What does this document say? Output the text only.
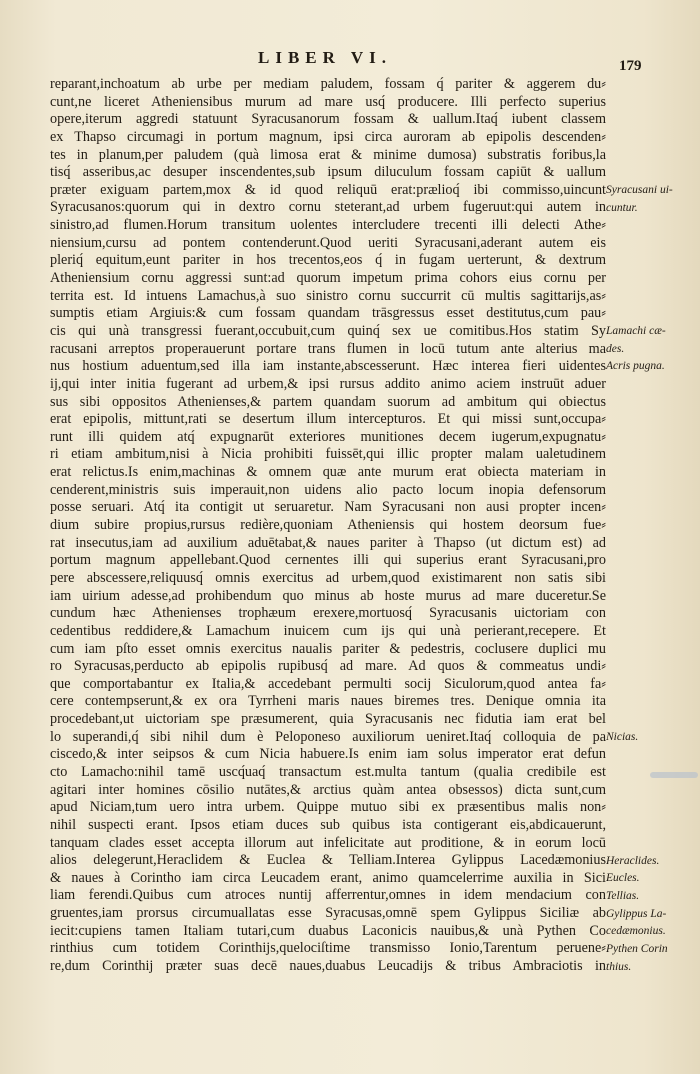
LIBER VI.	179
reparant,inchoatum ab urbe per mediam paludem, fossam q́ pariter & aggerem du⸗
cunt,ne liceret Atheniensibus murum ad mare usq́ producere. Illi perfecto superius
opere,iterum aggredi statuunt Syracusanorum fossam & uallum.Itaq́ iubent classem
ex Thapso circumagi in portum magnum, ipsi circa auroram ab epipolis descenden⸗
tes in planum,per paludem (quà limosa erat & minime dumosa) substratis foribus,la
tisq́ asseribus,ac desuper inscendentes,sub ipsum diluculum fossam capiūt & uallum
præter exiguam partem,mox & id quod reliquū erat:prælioq́ ibi commisso,uincunt
Syracusanos:quorum qui in dextro cornu steterant,ad urbem fugeruut:qui autem in
sinistro,ad flumen.Horum transitum uolentes intercludere trecenti illi delecti Athe⸗
niensium,cursu ad pontem contenderunt.Quod ueriti Syracusani,aderant autem eis
pleriq́ equitum,eunt pariter in hos trecentos,eos q́ in fugam uerterunt, & dextrum
Atheniensium cornu aggressi sunt:ad quorum impetum prima cohors eius cornu per
territa est. Id intuens Lamachus,à suo sinistro cornu succurrit cū multis sagittarijs,as⸗
sumptis etiam Argiuis:& cum fossam quandam trāsgressus esset destitutus,cum pau⸗
cis qui unà transgressi fuerant,occubuit,cum quinq́ sex ue comitibus.Hos statim Sy
racusani arreptos properauerunt portare trans flumen in locū tutum ante alterius ma
nus hostium aduentum,sed illa iam instante,abscesserunt. Hæc interea fieri uidentes
ij,qui inter initia fugerant ad urbem,& ipsi rursus addito animo aciem instruūt aduer
sus sibi oppositos Athenienses,& partem quandam suorum ad ambitum qui obiectus
erat epipolis, mittunt,rati se desertum illum intercepturos. Et qui missi sunt,occupa⸗
runt illi quidem atq́ expugnarūt exteriores munitiones decem iugerum,expugnatu⸗
ri etiam ambitum,nisi à Nicia prohibiti fuissēt,qui illic propter malam ualetudinem
erat relictus.Is enim,machinas & omnem quæ ante murum erat obiecta materiam in
cenderent,ministris suis imperauit,non uidens alio pacto locum inopia defensorum
posse seruari. Atq́ ita contigit ut seruaretur. Nam Syracusani non ausi propter incen⸗
dium subire propius,rursus redière,quoniam Atheniensis qui hostem deorsum fue⸗
rat insecutus,iam ad auxilium aduētabat,& naues pariter à Thapso (ut dictum est) ad
portum magnum appellebant.Quod cernentes illi qui superius erant Syracusani,pro
pere abscessere,reliquusq́ omnis exercitus ad urbem,quod existimarent non satis sibi
iam uirium adesse,ad prohibendum quo minus ab hoste murus ad mare duceretur.Se
cundum hæc Athenienses trophæum erexere,mortuosq́ Syracusanis uictoriam con
cedentibus reddidere,& Lamachum inuicem cum ijs qui unà perierant,recepere. Et
cum iam pſto esset omnis exercitus naualis pariter & pedestris, coclusere duplici mu
ro Syracusas,perducto ab epipolis rupibusq́ ad mare. Ad quos & commeatus undi⸗
que comportabantur ex Italia,& accedebant permulti socij Siculorum,quod antea fa⸗
cere contempserunt,& ex ora Tyrrheni maris naues biremes tres. Denique omnia ita
procedebant,ut uictoriam spe præsumerent, quia Syracusanis nec fidutia iam erat bel
lo superandi,q́ sibi nihil dum è Peloponeso auxiliorum ueniret.Itaq́ colloquia de pa
ciscedo,& inter seipsos & cum Nicia habuere.Is enim iam solus imperator erat defun
cto Lamacho:nihil tamē uscq́uaq́ transactum est.multa tantum (qualia credibile est
agitari inter homines cōsilio nutātes,& arctius quàm antea obsessos) dicta sunt,cum
apud Niciam,tum uero intra urbem. Quippe mutuo sibi ex præsentibus malis non⸗
nihil suspecti erant. Ipsos etiam duces sub quibus ista contigerant eis,abdicauerunt,
tanquam clades esset accepta illorum aut infelicitate aut proditione, & in eorum locū
alios delegerunt,Heraclidem & Euclea & Telliam.Interea Gylippus Lacedæmonius
& naues à Corintho iam circa Leucadem erant, animo quamcelerrime auxilia in Sici
liam ferendi.Quibus cum atroces nuntij afferrentur,omnes in idem mendacium con
gruentes,iam prorsus circumuallatas esse Syracusas,omnē spem Gylippus Siciliæ ab
iecit:cupiens tamen Italiam tutari,cum duabus Laconicis nauibus,& unà Pythen Co
rinthius cum totidem Corinthijs,quelociſtime transmisso Ionio,Tarentum peruene⸗
re,dum Corinthij præter suas decē naues,duabus Leucadijs & tribus Ambraciotis in
Syracusani ui-
cuntur.
Lamachi cæ-
des.
Acris pugna.
Nicias.
Heraclides.
Eucles.
Tellias.
Gylippus La-
cedæmonius.
Pythen Corin
thius.
